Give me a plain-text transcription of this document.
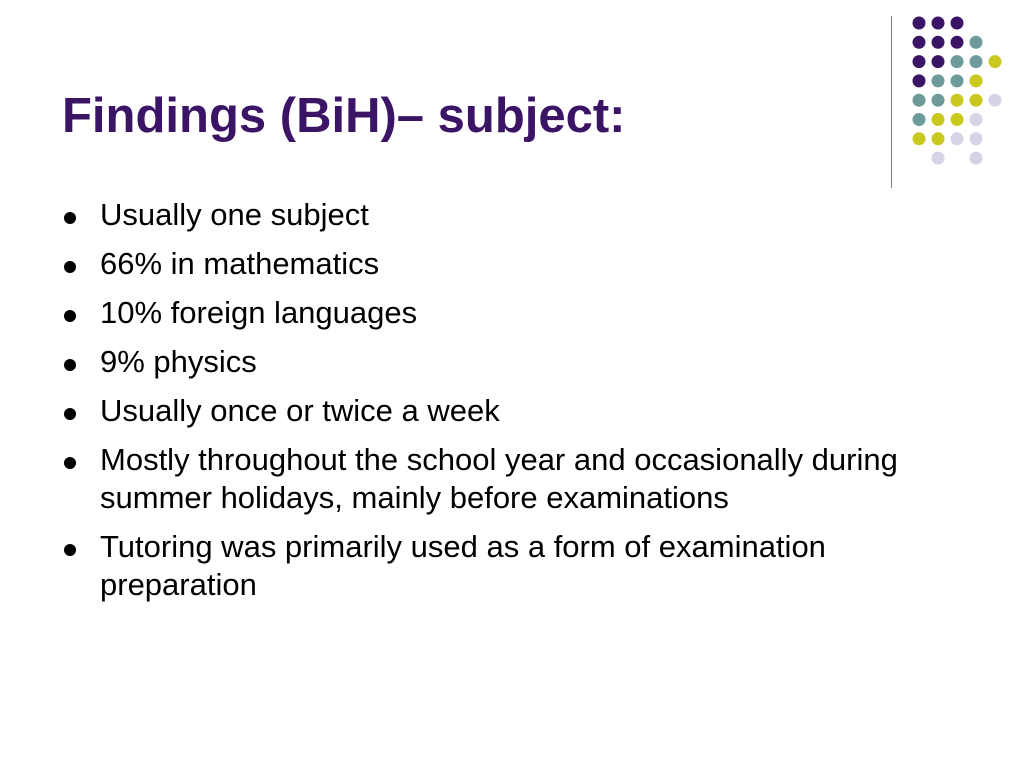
Findings (BiH)– subject:
Usually one subject
66% in mathematics
10% foreign languages
9% physics
Usually once or twice a week
Mostly throughout the school year and occasionally during summer holidays, mainly before examinations
Tutoring was primarily used as a form of examination preparation
